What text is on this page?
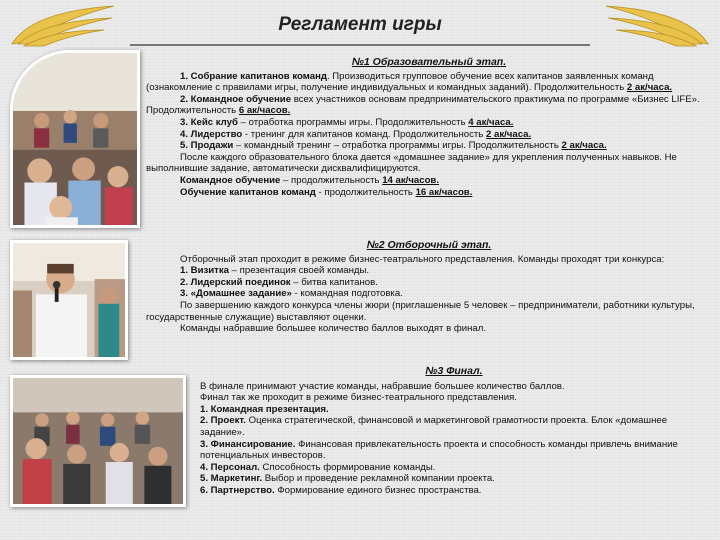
Регламент игры
№1 Образовательный этап.

1. Собрание капитанов команд. Производиться групповое обучение всех капитанов заявленных команд (ознакомление с правилами игры, получение индивидуальных и командных заданий). Продолжительность 2 ак/часа.

2. Командное обучение всех участников основам предпринимательского практикума по программе «Бизнес LIFE». Продолжительность 6 ак/часов.

3. Кейс клуб – отработка программы игры. Продолжительность 4 ак/часа.

4. Лидерство - тренинг для капитанов команд. Продолжительность 2 ак/часа.

5. Продажи – командный тренинг – отработка программы игры. Продолжительность 2 ак/часа.

После каждого образовательного блока дается «домашнее задание» для укрепления полученных навыков. Не выполнившие задание, автоматически дисквалифицируются.

Командное обучение – продолжительность 14 ак/часов.

Обучение капитанов команд - продолжительность 16 ак/часов.

№2 Отборочный этап.

Отборочный этап проходит в режиме бизнес-театрального представления. Команды проходят три конкурса:

1. Визитка – презентация своей команды.

2. Лидерский поединок – битва капитанов.

3. «Домашнее задание» - командная подготовка.

По завершению каждого конкурса члены жюри (приглашенные 5 человек – предприниматели, работники культуры, государственные служащие) выставляют оценки.

Команды набравшие большее количество баллов выходят в финал.

№3 Финал.

В финале принимают участие команды, набравшие большее количество баллов.

Финал так же проходит в режиме бизнес-театрального представления.

1. Командная презентация.

2. Проект. Оценка стратегической, финансовой и маркетинговой грамотности проекта. Блок «домашнее задание».

3. Финансирование. Финансовая привлекательность проекта и способность команды привлечь внимание потенциальных инвесторов.

4. Персонал. Способность формирование команды.

5. Маркетинг. Выбор и проведение рекламной компании проекта.

6. Партнерство. Формирование единого бизнес пространства.
